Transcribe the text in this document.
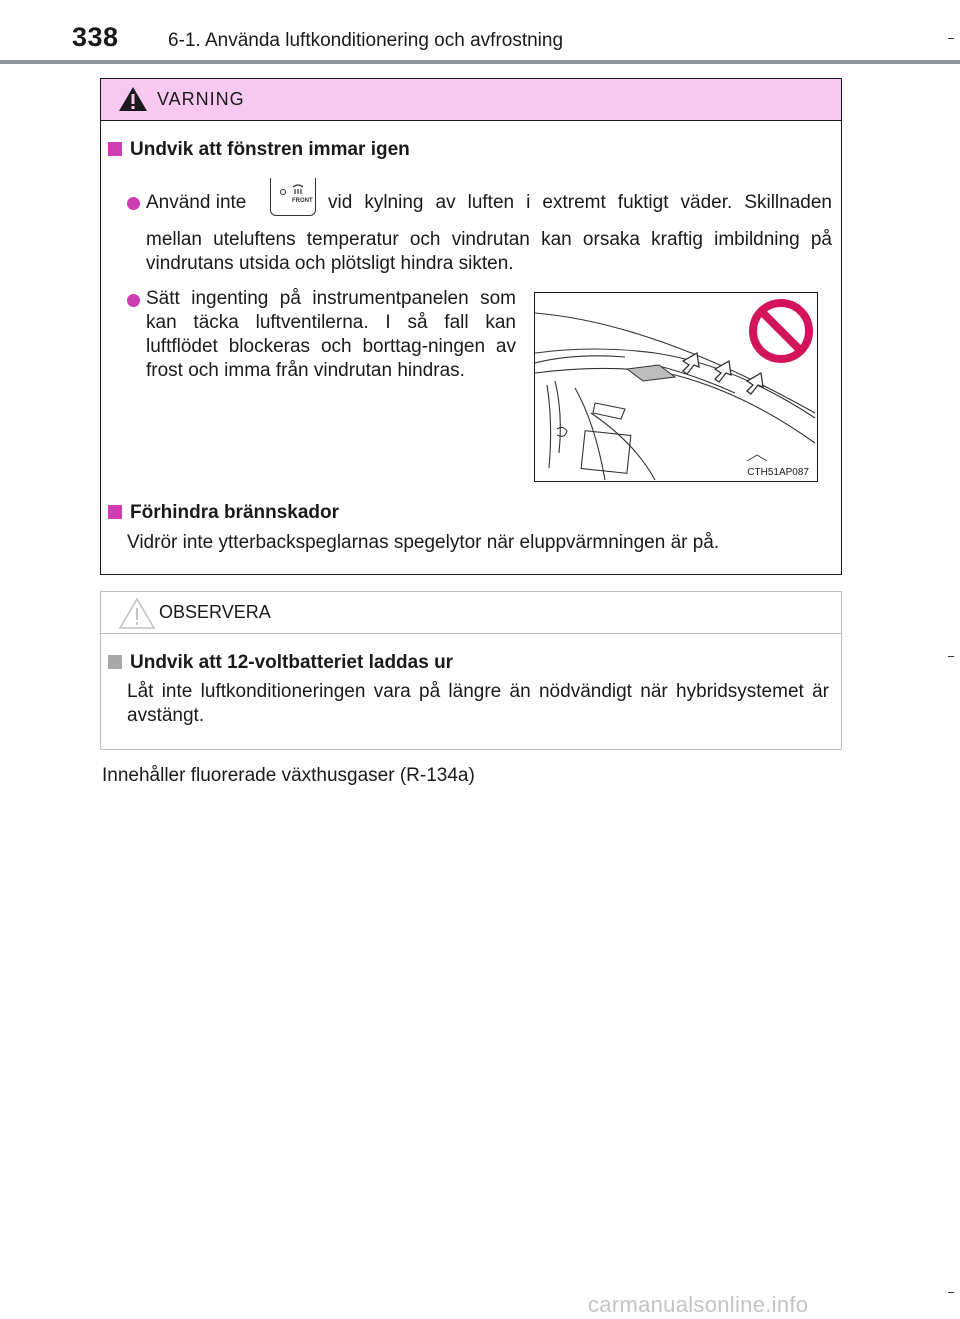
338	6-1. Använda luftkonditionering och avfrostning
VARNING
Undvik att fönstren immar igen
Använd inte	FRONT vid kylning av luften i extremt fuktigt väder. Skillnaden
mellan uteluftens temperatur och vindrutan kan orsaka kraftig imbildning på vindrutans utsida och plötsligt hindra sikten.
Sätt ingenting på instrumentpanelen som kan täcka luftventilerna. I så fall kan luftflödet blockeras och borttag-ningen av frost och imma från vindrutan hindras.
CTH51AP087
Förhindra brännskador
Vidrör inte ytterbackspeglarnas spegelytor när eluppvärmningen är på.
OBSERVERA
Undvik att 12-voltbatteriet laddas ur
Låt inte luftkonditioneringen vara på längre än nödvändigt när hybridsystemet är avstängt.
Innehåller fluorerade växthusgaser (R-134a)
carmanualsonline.info
